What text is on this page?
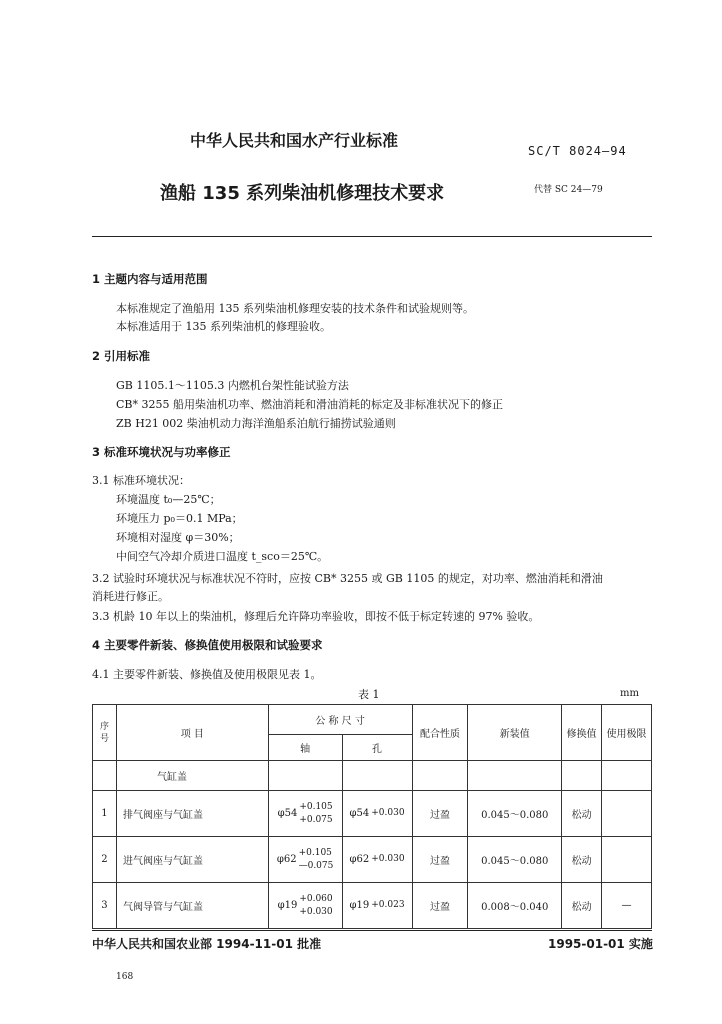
中华人民共和国水产行业标准
SC/T 8024—94
渔船 135 系列柴油机修理技术要求	代替 SC 24—79
1 主题内容与适用范围
本标准规定了渔船用 135 系列柴油机修理安装的技术条件和试验规则等。
本标准适用于 135 系列柴油机的修理验收。
2 引用标准
GB 1105.1～1105.3 内燃机台架性能试验方法
CB* 3255 船用柴油机功率、燃油消耗和滑油消耗的标定及非标准状况下的修正
ZB H21 002 柴油机动力海洋渔船系泊航行捕捞试验通则
3 标准环境状况与功率修正
3.1 标准环境状况：
环境温度 t₀—25℃；
环境压力 p₀＝0.1 MPa；
环境相对湿度 φ＝30%；
中间空气冷却介质进口温度 t_sco＝25℃。
3.2 试验时环境状况与标准状况不符时，应按 CB* 3255 或 GB 1105 的规定，对功率、燃油消耗和滑油
消耗进行修正。
3.3 机龄 10 年以上的柴油机，修理后允许降功率验收，即按不低于标定转速的 97% 验收。
4 主要零件新装、修换值使用极限和试验要求
4.1 主要零件新装、修换值及使用极限见表 1。
表 1	mm
序号	项 目	公 称 尺 寸		配合性质	新装值	修换值	使用极限
		轴	孔				
	气缸盖						
1	排气阀座与气缸盖	φ54
+0.105
+0.075	φ54 +0.030	过盈	0.045～0.080	松动	
2	进气阀座与气缸盖	φ62
+0.105
—0.075	φ62 +0.030	过盈	0.045～0.080	松动	
3	气阀导管与气缸盖	φ19
+0.060
+0.030	φ19 +0.023	过盈	0.008～0.040	松动	—
中华人民共和国农业部 1994-11-01 批准	1995-01-01 实施
168
